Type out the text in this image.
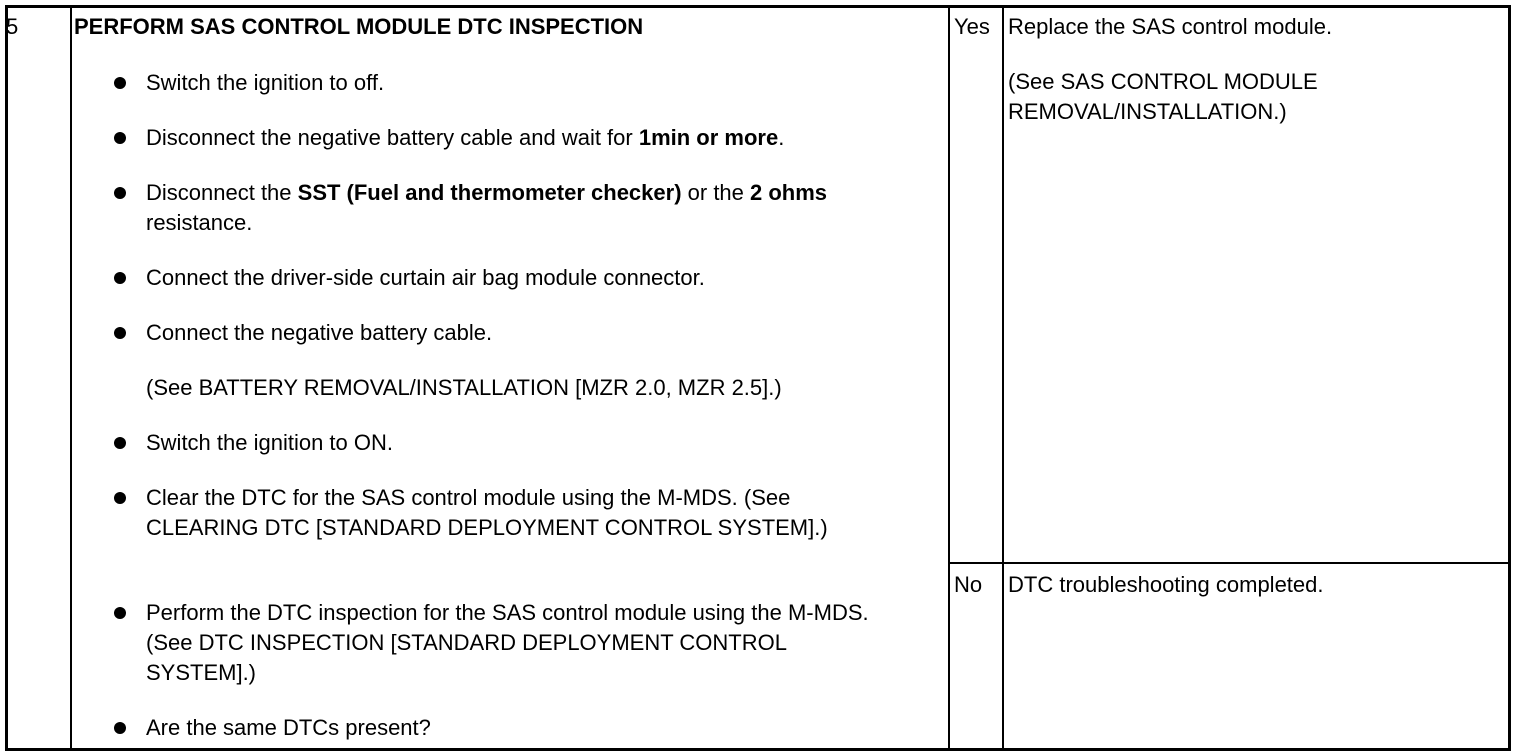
5	PERFORM SAS CONTROL MODULE DTC INSPECTION
Switch the ignition to off.
Disconnect the negative battery cable and wait for 1min or more.
Disconnect the SST (Fuel and thermometer checker) or the 2 ohms resistance.
Connect the driver-side curtain air bag module connector.
Connect the negative battery cable.
Switch the ignition to ON.
Clear the DTC for the SAS control module using the M-MDS. (See CLEARING DTC [STANDARD DEPLOYMENT CONTROL SYSTEM].)
Perform the DTC inspection for the SAS control module using the M-MDS. (See DTC INSPECTION [STANDARD DEPLOYMENT CONTROL SYSTEM].)
Are the same DTCs present?
(See BATTERY REMOVAL/INSTALLATION [MZR 2.0, MZR 2.5].)
Yes Replace the SAS control module.
(See SAS CONTROL MODULE REMOVAL/INSTALLATION.)
No DTC troubleshooting completed.
